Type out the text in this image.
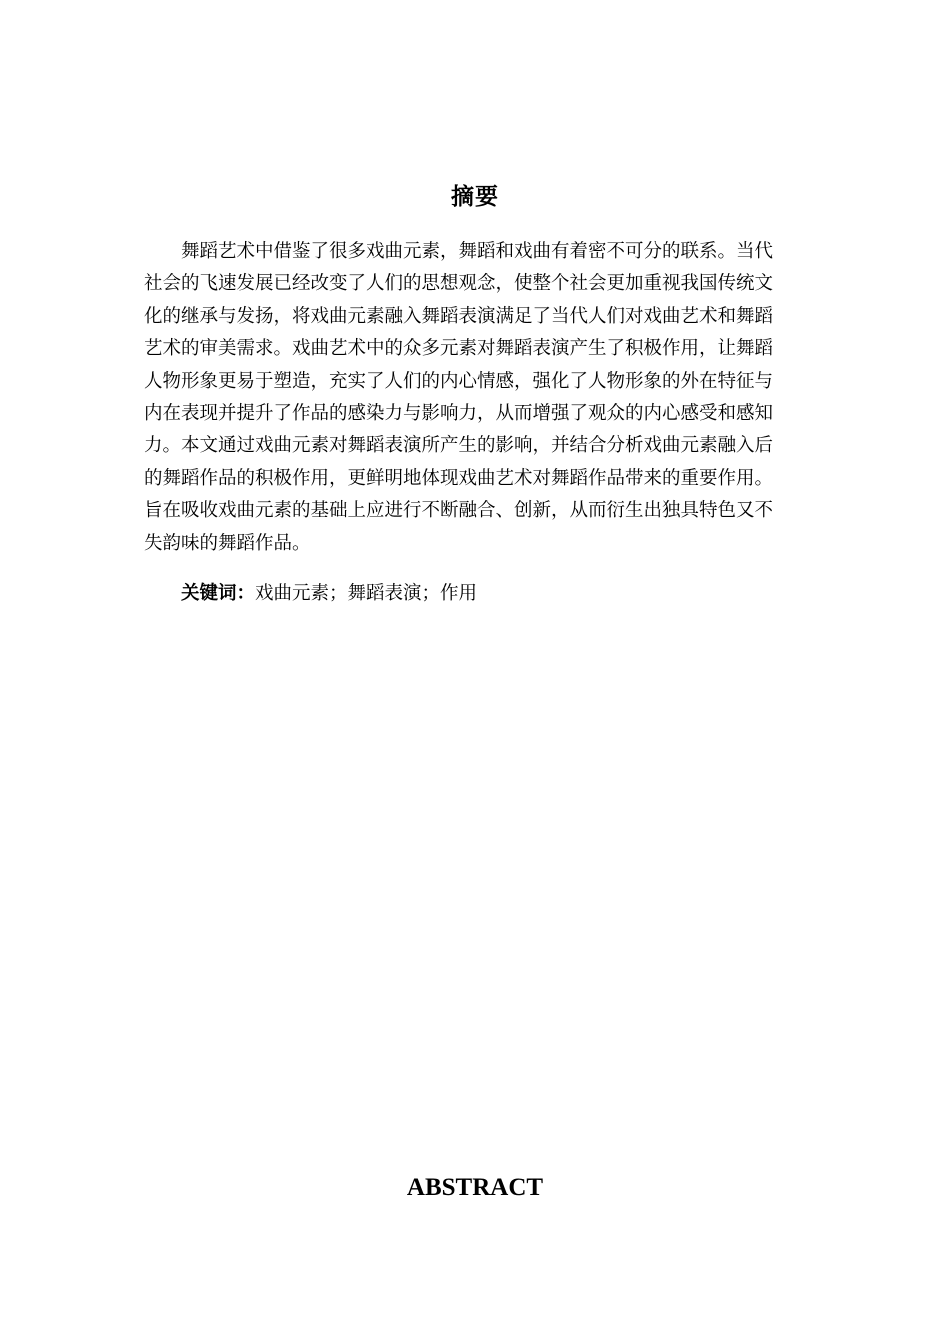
摘要
舞蹈艺术中借鉴了很多戏曲元素，舞蹈和戏曲有着密不可分的联系。当代
社会的飞速发展已经改变了人们的思想观念，使整个社会更加重视我国传统文
化的继承与发扬，将戏曲元素融入舞蹈表演满足了当代人们对戏曲艺术和舞蹈
艺术的审美需求。戏曲艺术中的众多元素对舞蹈表演产生了积极作用，让舞蹈
人物形象更易于塑造，充实了人们的内心情感，强化了人物形象的外在特征与
内在表现并提升了作品的感染力与影响力，从而增强了观众的内心感受和感知
力。本文通过戏曲元素对舞蹈表演所产生的影响，并结合分析戏曲元素融入后
的舞蹈作品的积极作用，更鲜明地体现戏曲艺术对舞蹈作品带来的重要作用。
旨在吸收戏曲元素的基础上应进行不断融合、创新，从而衍生出独具特色又不
失韵味的舞蹈作品。
关键词：戏曲元素；舞蹈表演；作用
ABSTRACT
